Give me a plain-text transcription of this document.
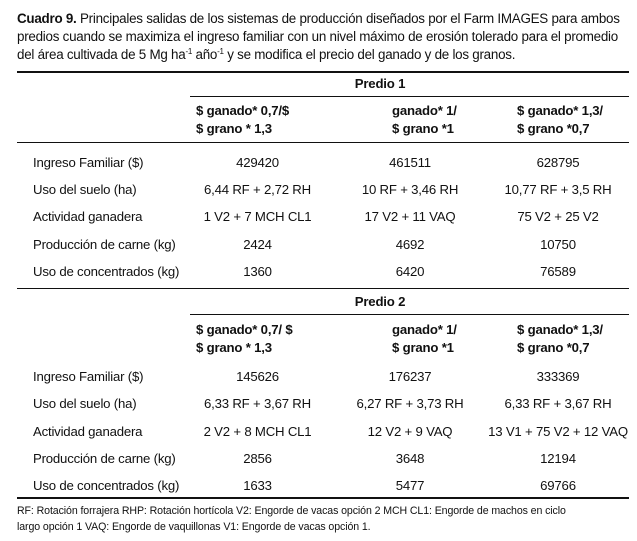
Cuadro 9. Principales salidas de los sistemas de producción diseñados por el Farm IMAGES para ambos predios cuando se maximiza el ingreso familiar con un nivel máximo de erosión tolerado para el promedio del área cultivada de 5 Mg $ha^{-1}$ año$^{-1}$ y se modifica el precio del ganado y de los granos.
Predio 1
$ ganado* 0,7/$
$ grano * 1,3
ganado* 1/
$ grano *1
$ ganado* 1,3/
$ grano *0,7
Ingreso Familiar ($)	429420	461511	628795
Uso del suelo (ha)	6,44 RF + 2,72 RH	10 RF + 3,46 RH	10,77 RF + 3,5 RH
Actividad ganadera	1 V2 + 7 MCH CL1	17 V2 + 11 VAQ	75 V2 + 25 V2
Producción de carne (kg)	2424	4692	10750
Uso de concentrados (kg)	1360	6420	76589
Predio 2
$ ganado* 0,7/ $
$ grano * 1,3
ganado* 1/
$ grano *1
$ ganado* 1,3/
$ grano *0,7
Ingreso Familiar ($)	145626	176237	333369
Uso del suelo (ha)	6,33 RF + 3,67 RH	6,27 RF + 3,73 RH	6,33 RF + 3,67 RH
Actividad ganadera	2 V2 + 8 MCH CL1	12 V2 + 9 VAQ	13 V1 + 75 V2 + 12 VAQ
Producción de carne (kg)	2856	3648	12194
Uso de concentrados (kg)	1633	5477	69766
RF: Rotación forrajera RHP: Rotación hortícola V2: Engorde de vacas opción 2 MCH CL1: Engorde de machos en ciclo
largo opción 1 VAQ: Engorde de vaquillonas V1: Engorde de vacas opción 1.
